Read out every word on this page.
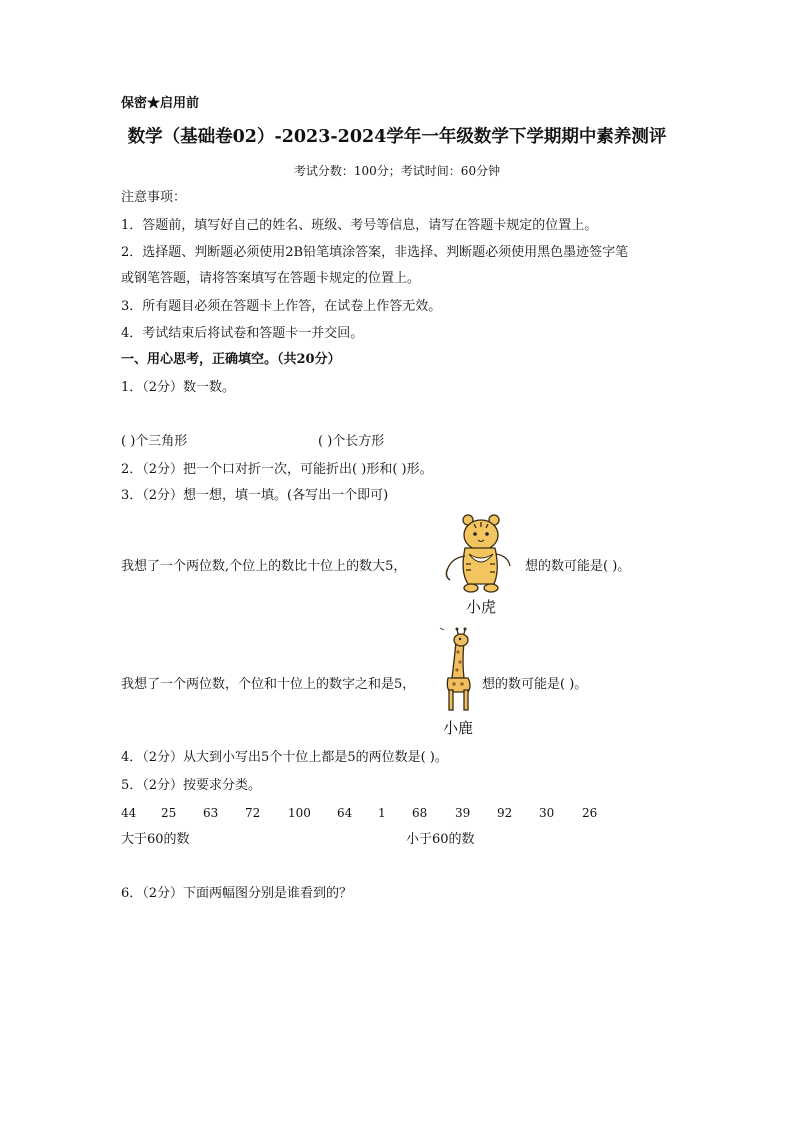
保密★启用前
数学（基础卷02）-2023-2024学年一年级数学下学期期中素养测评
考试分数：100分；考试时间：60分钟
注意事项：
1．答题前，填写好自己的姓名、班级、考号等信息，请写在答题卡规定的位置上。
2．选择题、判断题必须使用2B铅笔填涂答案，非选择、判断题必须使用黑色墨迹签字笔
或钢笔答题，请将答案填写在答题卡规定的位置上。
3．所有题目必须在答题卡上作答，在试卷上作答无效。
4．考试结束后将试卷和答题卡一并交回。
一、用心思考，正确填空。（共20分）
1．（2分）数一数。
( )个三角形	( )个长方形
2．（2分）把一个口对折一次，可能折出( )形和( )形。
3．（2分）想一想，填一填。(各写出一个即可)
我想了一个两位数,个位上的数比十位上的数大5，	想的数可能是( )。
小虎
我想了一个两位数，个位和十位上的数字之和是5，	想的数可能是( )。
小鹿
4．（2分）从大到小写出5个十位上都是5的两位数是( )。
5．（2分）按要求分类。
44 25 63 72 100 64 1 68 39 92 30 26
大于60的数	小于60的数
6．（2分）下面两幅图分别是谁看到的？
